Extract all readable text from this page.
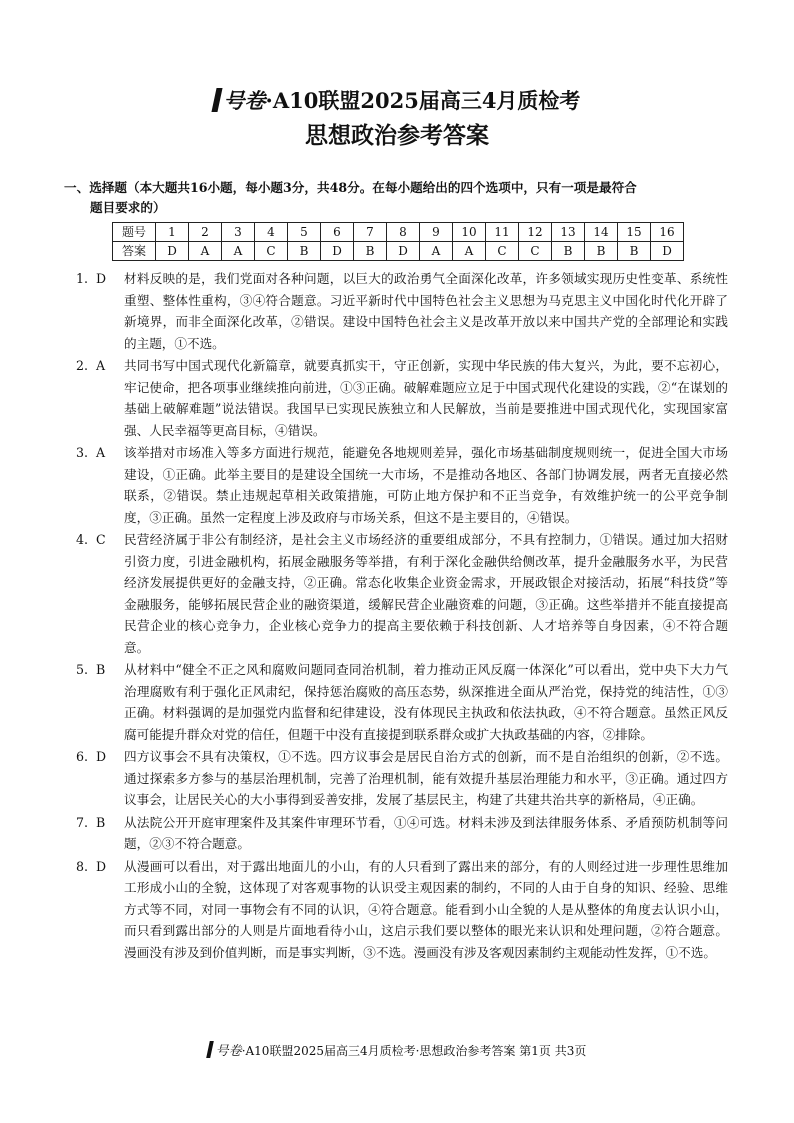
号卷·A10联盟2025届高三4月质检考
思想政治参考答案
一、选择题（本大题共16小题，每小题3分，共48分。在每小题给出的四个选项中，只有一项是最符合
题目要求的）
题号	1	2	3	4	5	6	7	8	9	10	11	12	13	14	15	16
答案	D	A	A	C	B	D	B	D	A	A	C	C	B	B	B	D
1. D	材料反映的是，我们党面对各种问题，以巨大的政治勇气全面深化改革，许多领域实现历史性变革、系统性重塑、整体性重构，③④符合题意。习近平新时代中国特色社会主义思想为马克思主义中国化时代化开辟了新境界，而非全面深化改革，②错误。建设中国特色社会主义是改革开放以来中国共产党的全部理论和实践的主题，①不选。
2. A	共同书写中国式现代化新篇章，就要真抓实干，守正创新，实现中华民族的伟大复兴，为此，要不忘初心，牢记使命，把各项事业继续推向前进，①③正确。破解难题应立足于中国式现代化建设的实践，②“在谋划的基础上破解难题”说法错误。我国早已实现民族独立和人民解放，当前是要推进中国式现代化，实现国家富强、人民幸福等更高目标，④错误。
3. A	该举措对市场准入等多方面进行规范，能避免各地规则差异，强化市场基础制度规则统一，促进全国大市场建设，①正确。此举主要目的是建设全国统一大市场，不是推动各地区、各部门协调发展，两者无直接必然联系，②错误。禁止违规起草相关政策措施，可防止地方保护和不正当竞争，有效维护统一的公平竞争制度，③正确。虽然一定程度上涉及政府与市场关系，但这不是主要目的，④错误。
4. C	民营经济属于非公有制经济，是社会主义市场经济的重要组成部分，不具有控制力，①错误。通过加大招财引资力度，引进金融机构，拓展金融服务等举措，有利于深化金融供给侧改革，提升金融服务水平，为民营经济发展提供更好的金融支持，②正确。常态化收集企业资金需求，开展政银企对接活动，拓展“科技贷”等金融服务，能够拓展民营企业的融资渠道，缓解民营企业融资难的问题，③正确。这些举措并不能直接提高民营企业的核心竞争力，企业核心竞争力的提高主要依赖于科技创新、人才培养等自身因素，④不符合题意。
5. B	从材料中“健全不正之风和腐败问题同查同治机制，着力推动正风反腐一体深化”可以看出，党中央下大力气治理腐败有利于强化正风肃纪，保持惩治腐败的高压态势，纵深推进全面从严治党，保持党的纯洁性，①③正确。材料强调的是加强党内监督和纪律建设，没有体现民主执政和依法执政，④不符合题意。虽然正风反腐可能提升群众对党的信任，但题干中没有直接提到联系群众或扩大执政基础的内容，②排除。
6. D	四方议事会不具有决策权，①不选。四方议事会是居民自治方式的创新，而不是自治组织的创新，②不选。通过探索多方参与的基层治理机制，完善了治理机制，能有效提升基层治理能力和水平，③正确。通过四方议事会，让居民关心的大小事得到妥善安排，发展了基层民主，构建了共建共治共享的新格局，④正确。
7. B	从法院公开开庭审理案件及其案件审理环节看，①④可选。材料未涉及到法律服务体系、矛盾预防机制等问题，②③不符合题意。
8. D	从漫画可以看出，对于露出地面儿的小山，有的人只看到了露出来的部分，有的人则经过进一步理性思维加工形成小山的全貌，这体现了对客观事物的认识受主观因素的制约，不同的人由于自身的知识、经验、思维方式等不同，对同一事物会有不同的认识，④符合题意。能看到小山全貌的人是从整体的角度去认识小山，而只看到露出部分的人则是片面地看待小山，这启示我们要以整体的眼光来认识和处理问题，②符合题意。漫画没有涉及到价值判断，而是事实判断，③不选。漫画没有涉及客观因素制约主观能动性发挥，①不选。
号卷·A10联盟2025届高三4月质检考·思想政治参考答案 第1页 共3页
